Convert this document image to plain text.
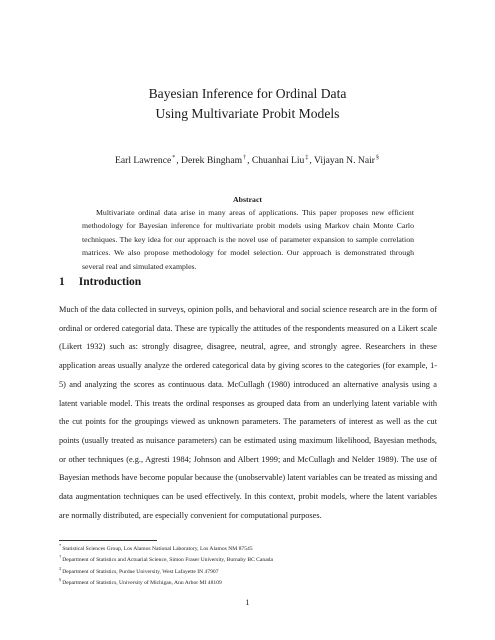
Bayesian Inference for Ordinal Data
Using Multivariate Probit Models
Earl Lawrence*, Derek Bingham†, Chuanhai Liu‡, Vijayan N. Nair§
Abstract
Multivariate ordinal data arise in many areas of applications. This paper proposes new efficient methodology for Bayesian inference for multivariate probit models using Markov chain Monte Carlo techniques. The key idea for our approach is the novel use of parameter expansion to sample correlation matrices. We also propose methodology for model selection. Our approach is demonstrated through several real and simulated examples.
1 Introduction
Much of the data collected in surveys, opinion polls, and behavioral and social science research are in the form of ordinal or ordered categorial data. These are typically the attitudes of the respondents measured on a Likert scale (Likert 1932) such as: strongly disagree, disagree, neutral, agree, and strongly agree. Researchers in these application areas usually analyze the ordered categorical data by giving scores to the categories (for example, 1-5) and analyzing the scores as continuous data. McCullagh (1980) introduced an alternative analysis using a latent variable model. This treats the ordinal responses as grouped data from an underlying latent variable with the cut points for the groupings viewed as unknown parameters. The parameters of interest as well as the cut points (usually treated as nuisance parameters) can be estimated using maximum likelihood, Bayesian methods, or other techniques (e.g., Agresti 1984; Johnson and Albert 1999; and McCullagh and Nelder 1989). The use of Bayesian methods have become popular because the (unobservable) latent variables can be treated as missing and data augmentation techniques can be used effectively. In this context, probit models, where the latent variables are normally distributed, are especially convenient for computational purposes.
*Statistical Sciences Group, Los Alamos National Laboratory, Los Alamos NM 87545
†Department of Statistics and Actuarial Science, Simon Fraser University, Burnaby BC Canada
‡Department of Statistics, Purdue University, West Lafayette IN 47907
§Department of Statistics, University of Michigan, Ann Arbor MI 48109
1
